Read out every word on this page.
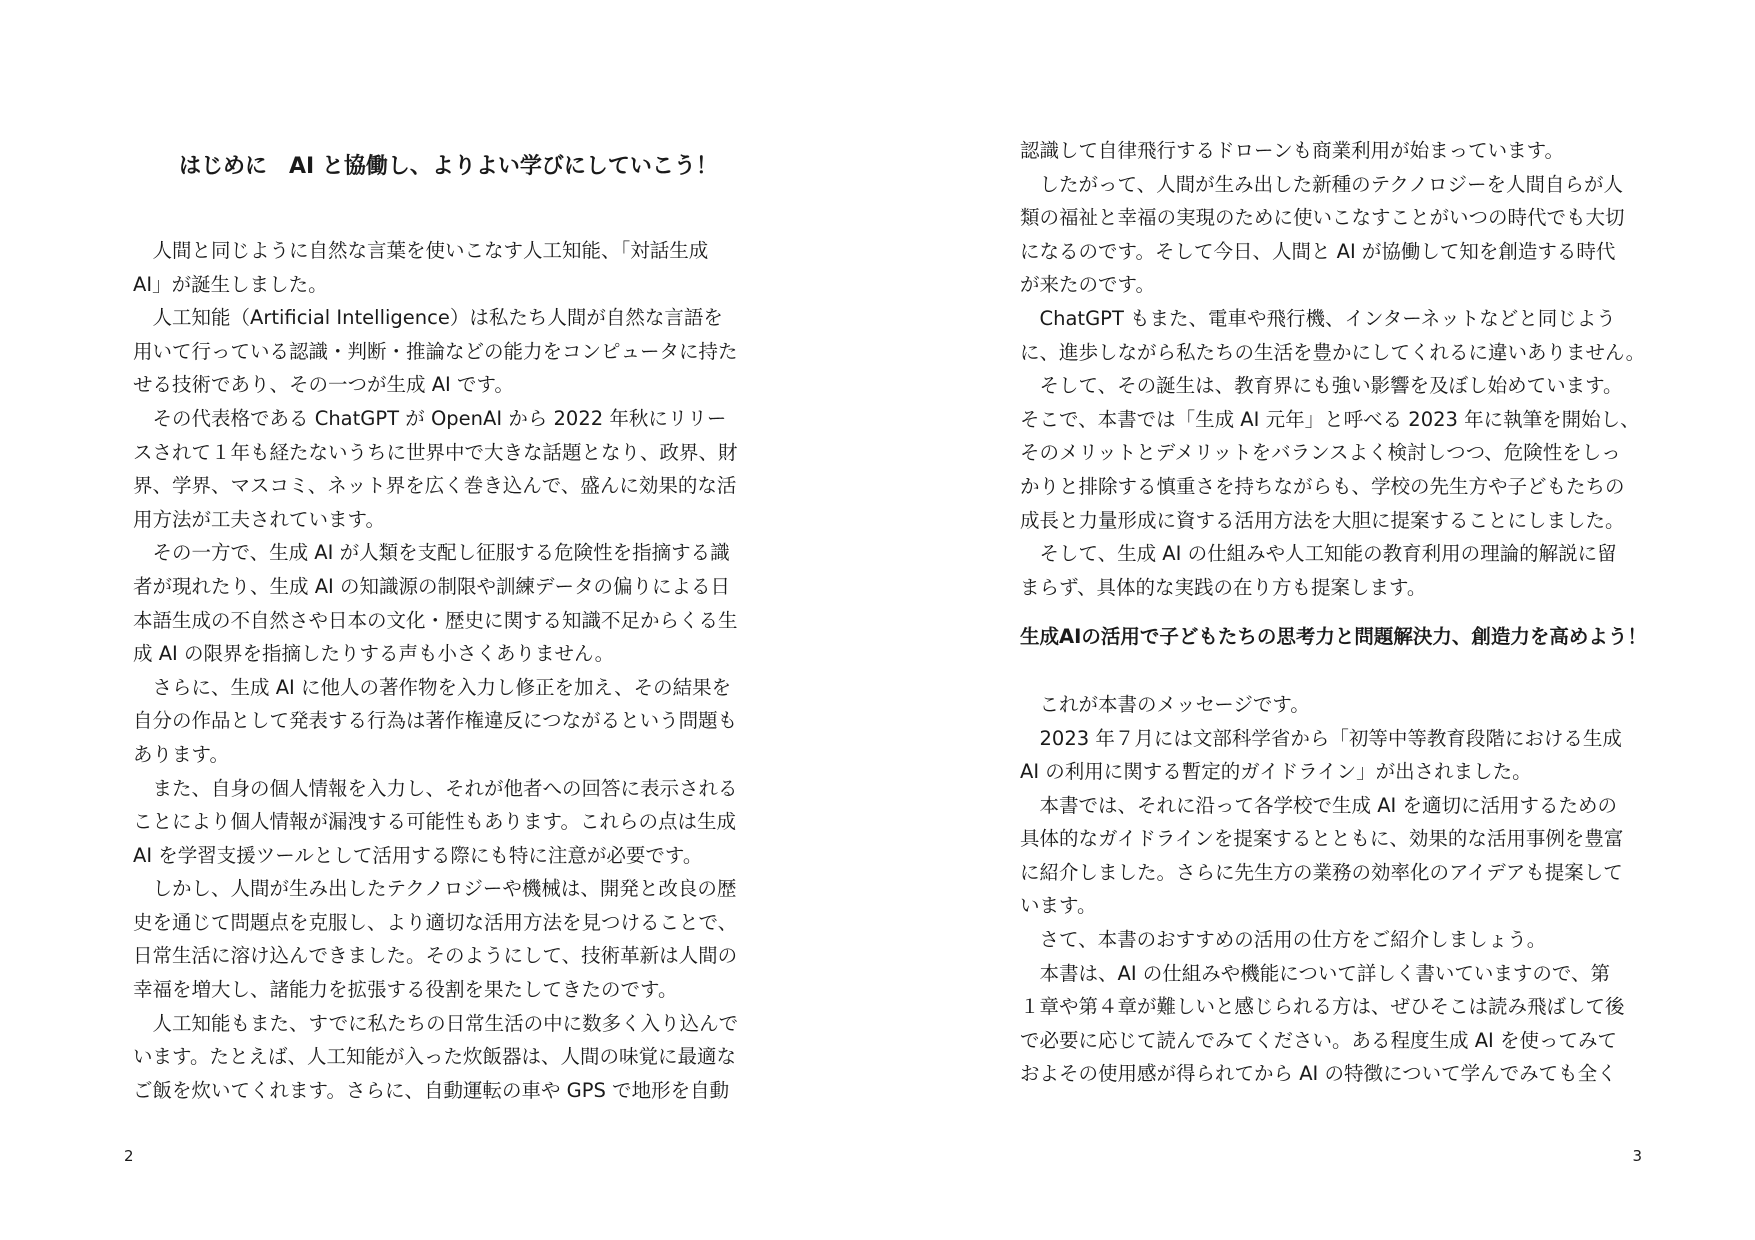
はじめに　AI と協働し、よりよい学びにしていこう！
　人間と同じように自然な言葉を使いこなす人工知能、「対話生成
AI」が誕生しました。
　人工知能（Artificial Intelligence）は私たち人間が自然な言語を
用いて行っている認識・判断・推論などの能力をコンピュータに持た
せる技術であり、その一つが生成 AI です。
　その代表格である ChatGPT が OpenAI から 2022 年秋にリリー
スされて１年も経たないうちに世界中で大きな話題となり、政界、財
界、学界、マスコミ、ネット界を広く巻き込んで、盛んに効果的な活
用方法が工夫されています。
　その一方で、生成 AI が人類を支配し征服する危険性を指摘する識
者が現れたり、生成 AI の知識源の制限や訓練データの偏りによる日
本語生成の不自然さや日本の文化・歴史に関する知識不足からくる生
成 AI の限界を指摘したりする声も小さくありません。
　さらに、生成 AI に他人の著作物を入力し修正を加え、その結果を
自分の作品として発表する行為は著作権違反につながるという問題も
あります。
　また、自身の個人情報を入力し、それが他者への回答に表示される
ことにより個人情報が漏洩する可能性もあります。これらの点は生成
AI を学習支援ツールとして活用する際にも特に注意が必要です。
　しかし、人間が生み出したテクノロジーや機械は、開発と改良の歴
史を通じて問題点を克服し、より適切な活用方法を見つけることで、
日常生活に溶け込んできました。そのようにして、技術革新は人間の
幸福を増大し、諸能力を拡張する役割を果たしてきたのです。
　人工知能もまた、すでに私たちの日常生活の中に数多く入り込んで
います。たとえば、人工知能が入った炊飯器は、人間の味覚に最適な
ご飯を炊いてくれます。さらに、自動運転の車や GPS で地形を自動
2
認識して自律飛行するドローンも商業利用が始まっています。
　したがって、人間が生み出した新種のテクノロジーを人間自らが人
類の福祉と幸福の実現のために使いこなすことがいつの時代でも大切
になるのです。そして今日、人間と AI が協働して知を創造する時代
が来たのです。
　ChatGPT もまた、電車や飛行機、インターネットなどと同じよう
に、進歩しながら私たちの生活を豊かにしてくれるに違いありません。
　そして、その誕生は、教育界にも強い影響を及ぼし始めています。
そこで、本書では「生成 AI 元年」と呼べる 2023 年に執筆を開始し、
そのメリットとデメリットをバランスよく検討しつつ、危険性をしっ
かりと排除する慎重さを持ちながらも、学校の先生方や子どもたちの
成長と力量形成に資する活用方法を大胆に提案することにしました。
　そして、生成 AI の仕組みや人工知能の教育利用の理論的解説に留
まらず、具体的な実践の在り方も提案します。
生成AIの活用で子どもたちの思考力と問題解決力、創造力を高めよう！
　これが本書のメッセージです。
　2023 年７月には文部科学省から「初等中等教育段階における生成
AI の利用に関する暫定的ガイドライン」が出されました。
　本書では、それに沿って各学校で生成 AI を適切に活用するための
具体的なガイドラインを提案するとともに、効果的な活用事例を豊富
に紹介しました。さらに先生方の業務の効率化のアイデアも提案して
います。
　さて、本書のおすすめの活用の仕方をご紹介しましょう。
　本書は、AI の仕組みや機能について詳しく書いていますので、第
１章や第４章が難しいと感じられる方は、ぜひそこは読み飛ばして後
で必要に応じて読んでみてください。ある程度生成 AI を使ってみて
およその使用感が得られてから AI の特徴について学んでみても全く
3
